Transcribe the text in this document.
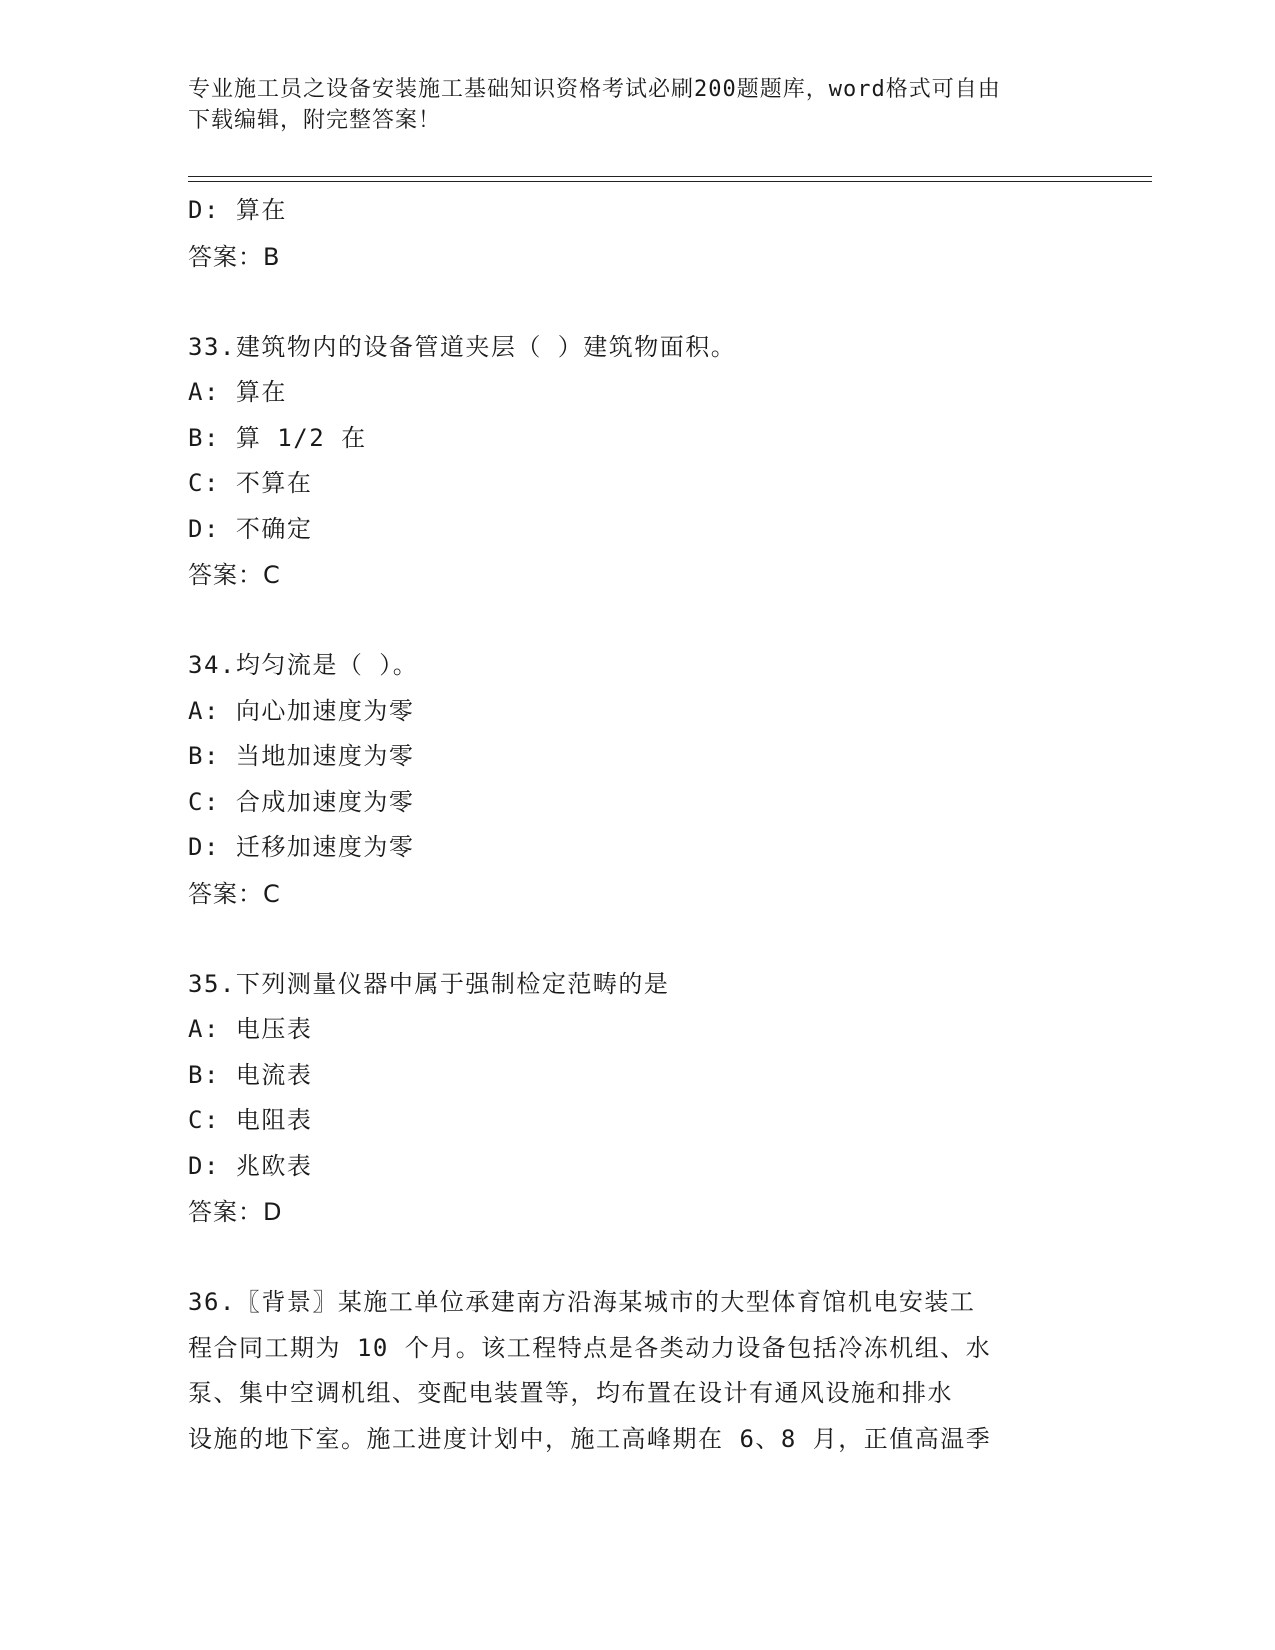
专业施工员之设备安装施工基础知识资格考试必刷200题题库，word格式可自由
下载编辑，附完整答案！
D: 算在
答案：B
33.建筑物内的设备管道夹层（ ）建筑物面积。
A: 算在
B: 算 1/2 在
C: 不算在
D: 不确定
答案：C
34.均匀流是（ ）。
A: 向心加速度为零
B: 当地加速度为零
C: 合成加速度为零
D: 迁移加速度为零
答案：C
35.下列测量仪器中属于强制检定范畴的是
A: 电压表
B: 电流表
C: 电阻表
D: 兆欧表
答案：D
36.〖背景〗某施工单位承建南方沿海某城市的大型体育馆机电安装工
程合同工期为 10 个月。该工程特点是各类动力设备包括冷冻机组、水
泵、集中空调机组、变配电装置等，均布置在设计有通风设施和排水
设施的地下室。施工进度计划中，施工高峰期在 6、8 月，正值高温季
